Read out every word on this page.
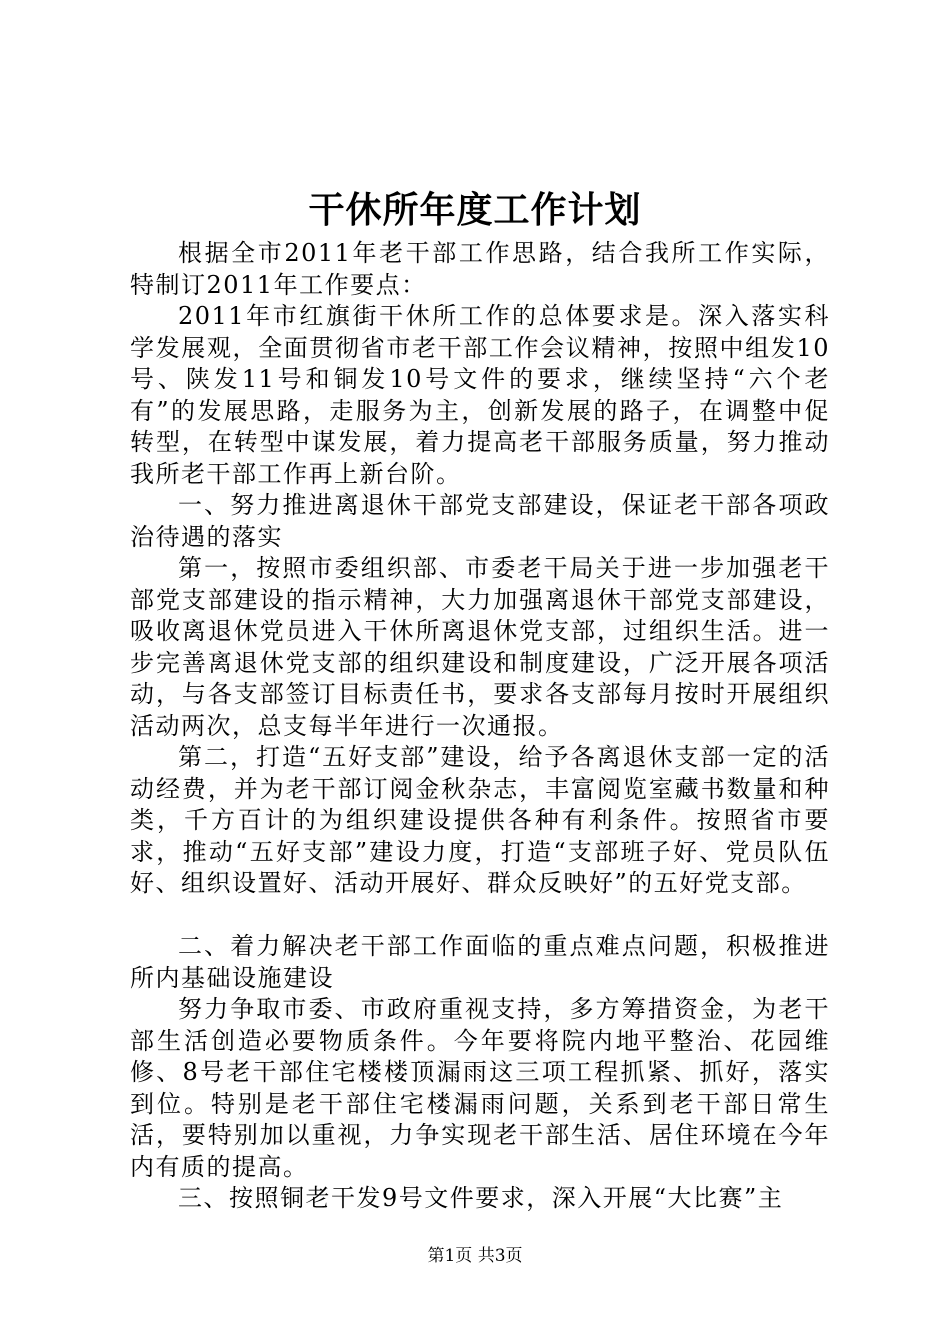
干休所年度工作计划

根据全市2011年老干部工作思路，结合我所工作实际，特制订2011年工作要点：

2011年市红旗街干休所工作的总体要求是。深入落实科学发展观，全面贯彻省市老干部工作会议精神，按照中组发10号、陕发11号和铜发10号文件的要求，继续坚持“六个老有”的发展思路，走服务为主，创新发展的路子，在调整中促转型，在转型中谋发展，着力提高老干部服务质量，努力推动我所老干部工作再上新台阶。

一、努力推进离退休干部党支部建设，保证老干部各项政治待遇的落实

第一，按照市委组织部、市委老干局关于进一步加强老干部党支部建设的指示精神，大力加强离退休干部党支部建设，吸收离退休党员进入干休所离退休党支部，过组织生活。进一步完善离退休党支部的组织建设和制度建设，广泛开展各项活动，与各支部签订目标责任书，要求各支部每月按时开展组织活动两次，总支每半年进行一次通报。

第二，打造“五好支部”建设，给予各离退休支部一定的活动经费，并为老干部订阅金秋杂志，丰富阅览室藏书数量和种类，千方百计的为组织建设提供各种有利条件。按照省市要求，推动“五好支部”建设力度，打造“支部班子好、党员队伍好、组织设置好、活动开展好、群众反映好”的五好党支部。

二、着力解决老干部工作面临的重点难点问题，积极推进所内基础设施建设

努力争取市委、市政府重视支持，多方筹措资金，为老干部生活创造必要物质条件。今年要将院内地平整治、花园维修、8号老干部住宅楼楼顶漏雨这三项工程抓紧、抓好，落实到位。特别是老干部住宅楼漏雨问题，关系到老干部日常生活，要特别加以重视，力争实现老干部生活、居住环境在今年内有质的提高。

三、按照铜老干发9号文件要求，深入开展“大比赛”主

第1页 共3页
